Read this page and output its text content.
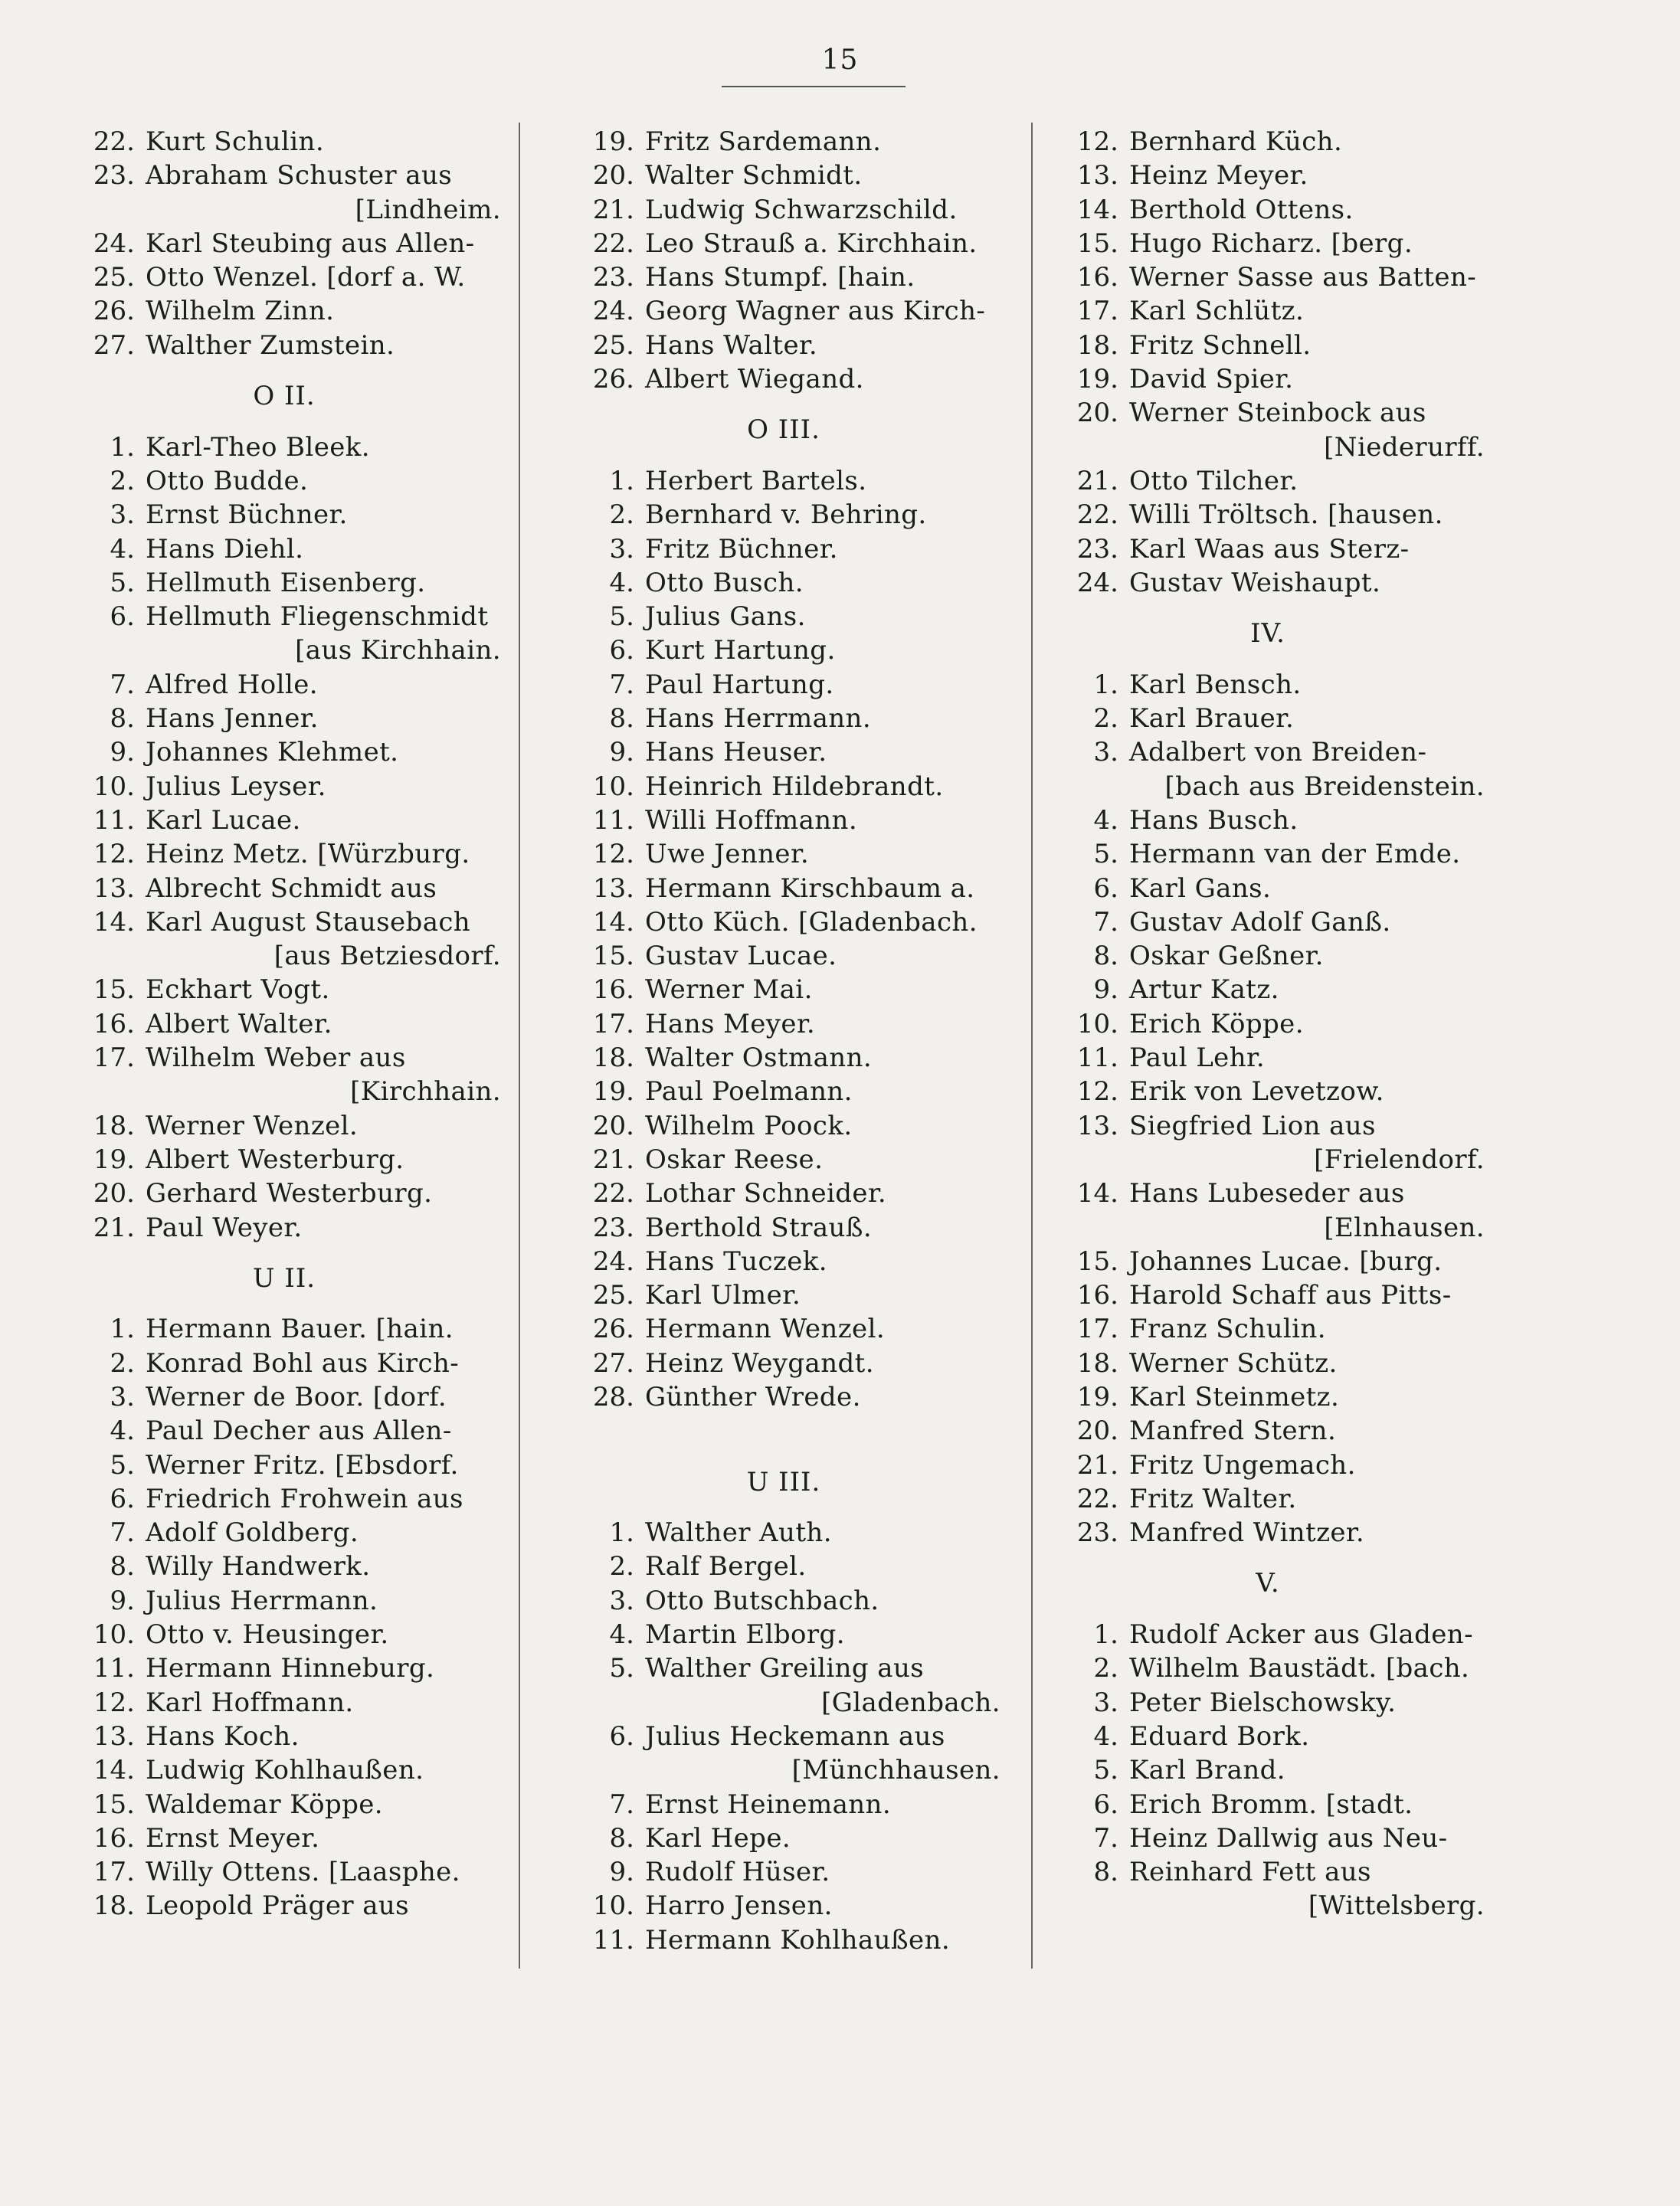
15
22. Kurt Schulin.
23. Abraham Schuster aus
[Lindheim.
24. Karl Steubing aus Allen-
25. Otto Wenzel. [dorf a. W.
26. Wilhelm Zinn.
27. Walther Zumstein.
O II.
1. Karl-Theo Bleek.
2. Otto Budde.
3. Ernst Büchner.
4. Hans Diehl.
5. Hellmuth Eisenberg.
6. Hellmuth Fliegenschmidt
[aus Kirchhain.
7. Alfred Holle.
8. Hans Jenner.
9. Johannes Klehmet.
10. Julius Leyser.
11. Karl Lucae.
12. Heinz Metz. [Würzburg.
13. Albrecht Schmidt aus
14. Karl August Stausebach
[aus Betziesdorf.
15. Eckhart Vogt.
16. Albert Walter.
17. Wilhelm Weber aus
[Kirchhain.
18. Werner Wenzel.
19. Albert Westerburg.
20. Gerhard Westerburg.
21. Paul Weyer.
U II.
1. Hermann Bauer. [hain.
2. Konrad Bohl aus Kirch-
3. Werner de Boor. [dorf.
4. Paul Decher aus Allen-
5. Werner Fritz. [Ebsdorf.
6. Friedrich Frohwein aus
7. Adolf Goldberg.
8. Willy Handwerk.
9. Julius Herrmann.
10. Otto v. Heusinger.
11. Hermann Hinneburg.
12. Karl Hoffmann.
13. Hans Koch.
14. Ludwig Kohlhaußen.
15. Waldemar Köppe.
16. Ernst Meyer.
17. Willy Ottens. [Laasphe.
18. Leopold Präger aus
19. Fritz Sardemann.
20. Walter Schmidt.
21. Ludwig Schwarzschild.
22. Leo Strauß a. Kirchhain.
23. Hans Stumpf. [hain.
24. Georg Wagner aus Kirch-
25. Hans Walter.
26. Albert Wiegand.
O III.
1. Herbert Bartels.
2. Bernhard v. Behring.
3. Fritz Büchner.
4. Otto Busch.
5. Julius Gans.
6. Kurt Hartung.
7. Paul Hartung.
8. Hans Herrmann.
9. Hans Heuser.
10. Heinrich Hildebrandt.
11. Willi Hoffmann.
12. Uwe Jenner.
13. Hermann Kirschbaum a.
14. Otto Küch. [Gladenbach.
15. Gustav Lucae.
16. Werner Mai.
17. Hans Meyer.
18. Walter Ostmann.
19. Paul Poelmann.
20. Wilhelm Poock.
21. Oskar Reese.
22. Lothar Schneider.
23. Berthold Strauß.
24. Hans Tuczek.
25. Karl Ulmer.
26. Hermann Wenzel.
27. Heinz Weygandt.
28. Günther Wrede.
U III.
1. Walther Auth.
2. Ralf Bergel.
3. Otto Butschbach.
4. Martin Elborg.
5. Walther Greiling aus
[Gladenbach.
6. Julius Heckemann aus
[Münchhausen.
7. Ernst Heinemann.
8. Karl Hepe.
9. Rudolf Hüser.
10. Harro Jensen.
11. Hermann Kohlhaußen.
12. Bernhard Küch.
13. Heinz Meyer.
14. Berthold Ottens.
15. Hugo Richarz. [berg.
16. Werner Sasse aus Batten-
17. Karl Schlütz.
18. Fritz Schnell.
19. David Spier.
20. Werner Steinbock aus
[Niederurff.
21. Otto Tilcher.
22. Willi Tröltsch. [hausen.
23. Karl Waas aus Sterz-
24. Gustav Weishaupt.
IV.
1. Karl Bensch.
2. Karl Brauer.
3. Adalbert von Breiden-
[bach aus Breidenstein.
4. Hans Busch.
5. Hermann van der Emde.
6. Karl Gans.
7. Gustav Adolf Ganß.
8. Oskar Geßner.
9. Artur Katz.
10. Erich Köppe.
11. Paul Lehr.
12. Erik von Levetzow.
13. Siegfried Lion aus
[Frielendorf.
14. Hans Lubeseder aus
[Elnhausen.
15. Johannes Lucae. [burg.
16. Harold Schaff aus Pitts-
17. Franz Schulin.
18. Werner Schütz.
19. Karl Steinmetz.
20. Manfred Stern.
21. Fritz Ungemach.
22. Fritz Walter.
23. Manfred Wintzer.
V.
1. Rudolf Acker aus Gladen-
2. Wilhelm Baustädt. [bach.
3. Peter Bielschowsky.
4. Eduard Bork.
5. Karl Brand.
6. Erich Bromm. [stadt.
7. Heinz Dallwig aus Neu-
8. Reinhard Fett aus
[Wittelsberg.
